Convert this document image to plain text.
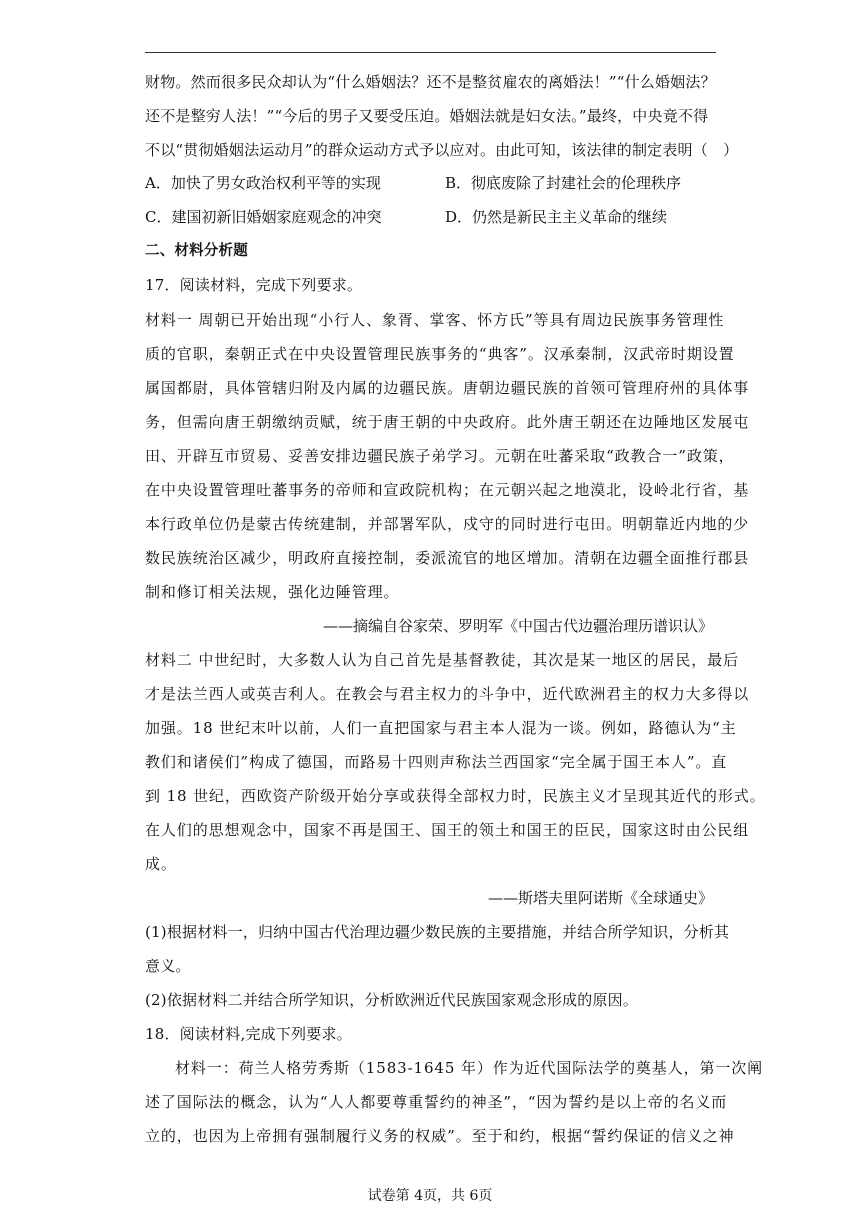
财物。然而很多民众却认为“什么婚姻法？还不是整贫雇农的离婚法！”“什么婚姻法？
还不是整穷人法！”“今后的男子又要受压迫。婚姻法就是妇女法。”最终，中央竟不得
不以“贯彻婚姻法运动月”的群众运动方式予以应对。由此可知，该法律的制定表明（　）
A．加快了男女政治权利平等的实现	B．彻底废除了封建社会的伦理秩序
C．建国初新旧婚姻家庭观念的冲突	D．仍然是新民主主义革命的继续
二、材料分析题
17．阅读材料，完成下列要求。
材料一 周朝已开始出现“小行人、象胥、掌客、怀方氏”等具有周边民族事务管理性
质的官职，秦朝正式在中央设置管理民族事务的“典客”。汉承秦制，汉武帝时期设置
属国都尉，具体管辖归附及内属的边疆民族。唐朝边疆民族的首领可管理府州的具体事
务，但需向唐王朝缴纳贡赋，统于唐王朝的中央政府。此外唐王朝还在边陲地区发展屯
田、开辟互市贸易、妥善安排边疆民族子弟学习。元朝在吐蕃采取“政教合一”政策，
在中央设置管理吐蕃事务的帝师和宣政院机构；在元朝兴起之地漠北，设岭北行省，基
本行政单位仍是蒙古传统建制，并部署军队，戍守的同时进行屯田。明朝靠近内地的少
数民族统治区减少，明政府直接控制，委派流官的地区增加。清朝在边疆全面推行郡县
制和修订相关法规，强化边陲管理。
——摘编自谷家荣、罗明军《中国古代边疆治理历谱识认》
材料二 中世纪时，大多数人认为自己首先是基督教徒，其次是某一地区的居民，最后
才是法兰西人或英吉利人。在教会与君主权力的斗争中，近代欧洲君主的权力大多得以
加强。18 世纪末叶以前，人们一直把国家与君主本人混为一谈。例如，路德认为“主
教们和诸侯们”构成了德国，而路易十四则声称法兰西国家“完全属于国王本人”。直
到 18 世纪，西欧资产阶级开始分享或获得全部权力时，民族主义才呈现其近代的形式。
在人们的思想观念中，国家不再是国王、国王的领土和国王的臣民，国家这时由公民组
成。
——斯塔夫里阿诺斯《全球通史》
(1)根据材料一，归纳中国古代治理边疆少数民族的主要措施，并结合所学知识，分析其
意义。
(2)依据材料二并结合所学知识，分析欧洲近代民族国家观念形成的原因。
18．阅读材料,完成下列要求。
材料一：荷兰人格劳秀斯（1583-1645 年）作为近代国际法学的奠基人，第一次阐
述了国际法的概念，认为“人人都要尊重誓约的神圣”，“因为誓约是以上帝的名义而
立的，也因为上帝拥有强制履行义务的权威”。至于和约，根据“誓约保证的信义之神
试卷第 4页，共 6页
